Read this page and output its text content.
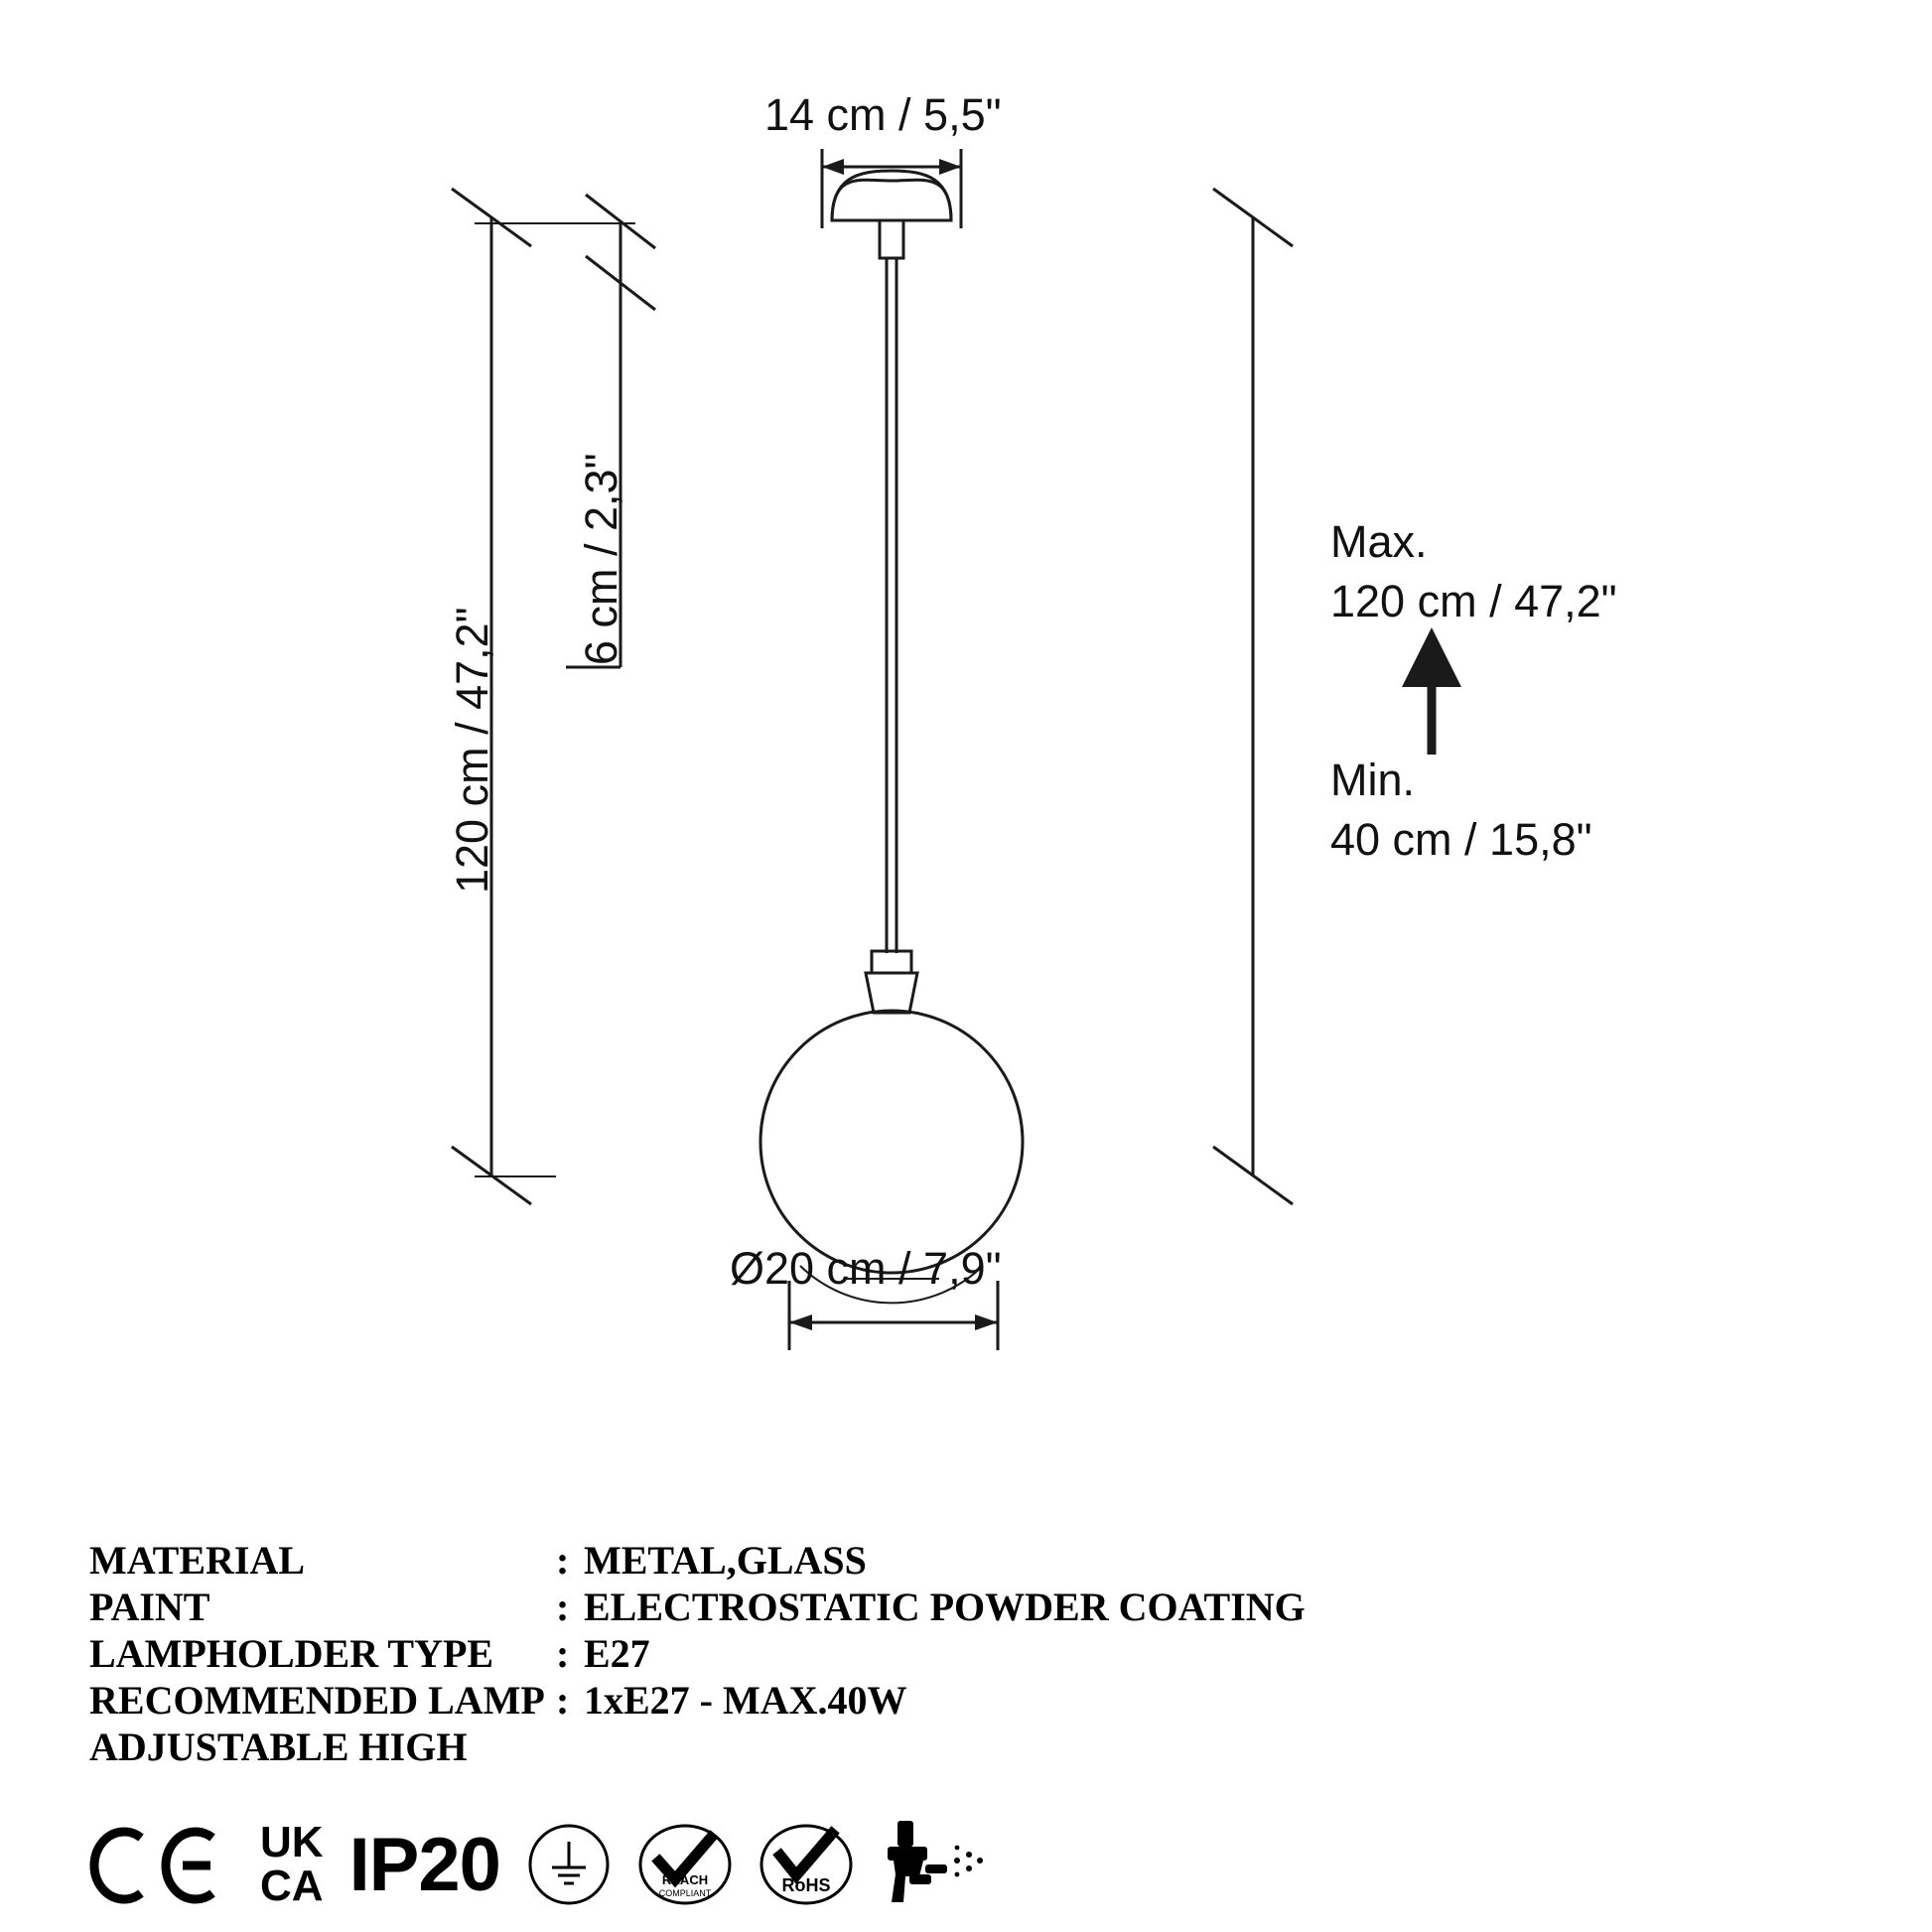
14 cm / 5,5"
120 cm / 47,2"
6 cm / 2,3"
Ø20 cm / 7,9"
Max.
120 cm / 47,2"
Min.
40 cm / 15,8"
MATERIAL	: METAL,GLASS
PAINT	: ELECTROSTATIC POWDER COATING
LAMPHOLDER TYPE	: E27
RECOMMENDED LAMP : 1xE27 - MAX.40W
ADJUSTABLE HIGH
UK
CA IP20	REACH
COMPLIANT	RoHS
